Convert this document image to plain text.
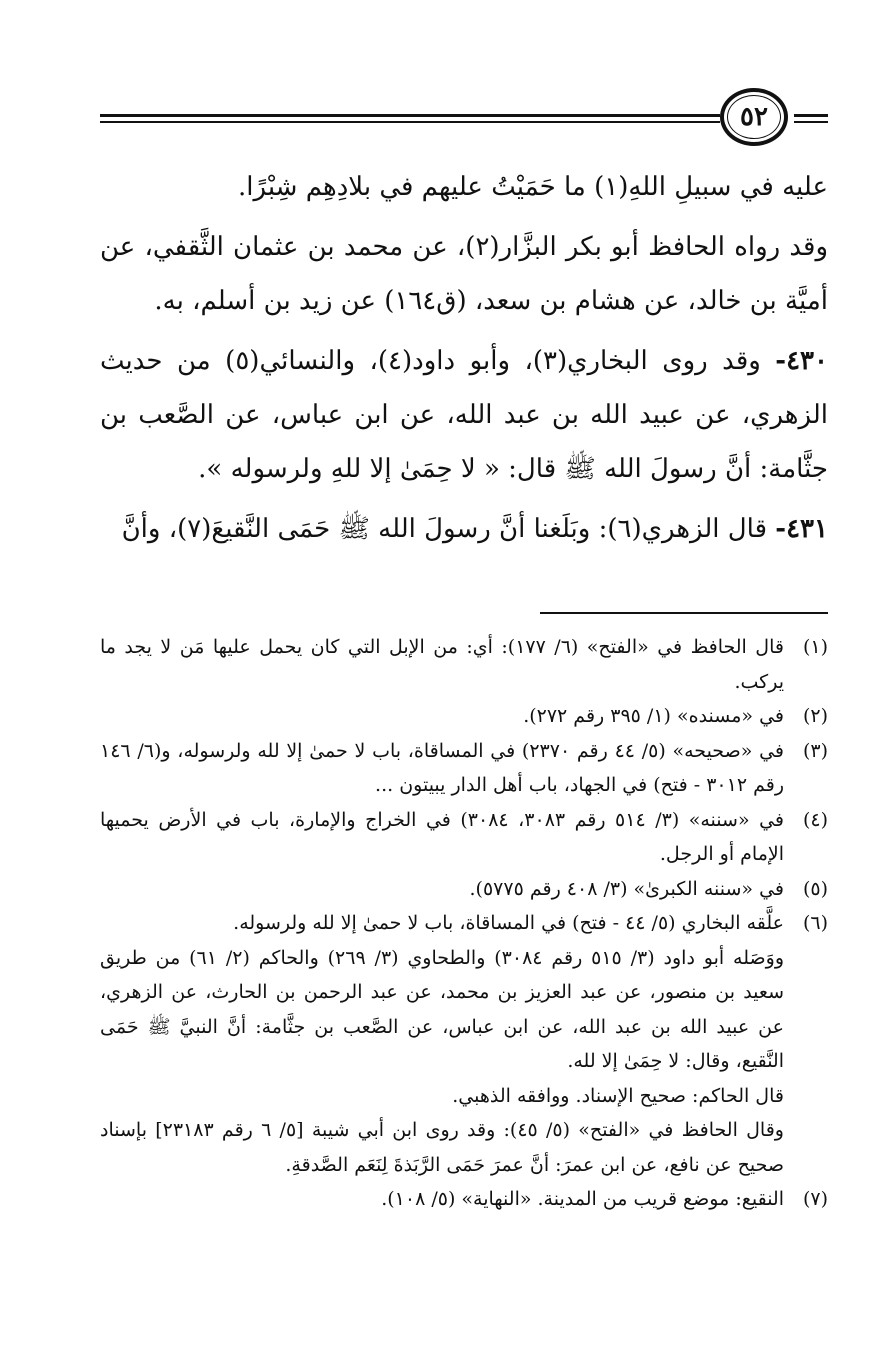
٥٢

عليه في سبيلِ اللهِ(١) ما حَمَيْتُ عليهم في بلادِهِم شِبْرًا.

وقد رواه الحافظ أبو بكر البزَّار(٢)، عن محمد بن عثمان الثَّقفي، عن أميَّة بن خالد، عن هشام بن سعد، (ق١٦٤) عن زيد بن أسلم، به.

٤٣٠- وقد روى البخاري(٣)، وأبو داود(٤)، والنسائي(٥) من حديث الزهري، عن عبيد الله بن عبد الله، عن ابن عباس، عن الصَّعب بن جثَّامة: أنَّ رسولَ الله ﷺ قال: « لا حِمَىٰ إلا للهِ ولرسوله ».

٤٣١- قال الزهري(٦): وبَلَغنا أنَّ رسولَ الله ﷺ حَمَى النَّقيعَ(٧)، وأنَّ

(١)
قال الحافظ في «الفتح» (٦/ ١٧٧): أي: من الإبل التي كان يحمل عليها مَن لا يجد ما يركب.
(٢)
في «مسنده» (١/ ٣٩٥ رقم ٢٧٢).
(٣)
في «صحيحه» (٥/ ٤٤ رقم ٢٣٧٠) في المساقاة، باب لا حمىٰ إلا لله ولرسوله، و(٦/ ١٤٦ رقم ٣٠١٢ - فتح) في الجهاد، باب أهل الدار يبيتون ...
(٤)
في «سننه» (٣/ ٥١٤ رقم ٣٠٨٣، ٣٠٨٤) في الخراج والإمارة، باب في الأرض يحميها الإمام أو الرجل.
(٥)
في «سننه الكبرىٰ» (٣/ ٤٠٨ رقم ٥٧٧٥).
(٦)
علَّقه البخاري (٥/ ٤٤ - فتح) في المساقاة، باب لا حمىٰ إلا لله ولرسوله.
ووَصَله أبو داود (٣/ ٥١٥ رقم ٣٠٨٤) والطحاوي (٣/ ٢٦٩) والحاكم (٢/ ٦١) من طريق سعيد بن منصور، عن عبد العزيز بن محمد، عن عبد الرحمن بن الحارث، عن الزهري، عن عبيد الله بن عبد الله، عن ابن عباس، عن الصَّعب بن جثَّامة: أنَّ النبيَّ ﷺ حَمَى النَّقيع، وقال: لا حِمَىٰ إلا لله.
قال الحاكم: صحيح الإسناد. ووافقه الذهبي.
وقال الحافظ في «الفتح» (٥/ ٤٥): وقد روى ابن أبي شيبة [٥/ ٦ رقم ٢٣١٨٣] بإسناد صحيح عن نافع، عن ابن عمرَ: أنَّ عمرَ حَمَى الرَّبَذةَ لِنَعَم الصَّدقةِ.
(٧)
النقيع: موضع قريب من المدينة. «النهاية» (٥/ ١٠٨).
